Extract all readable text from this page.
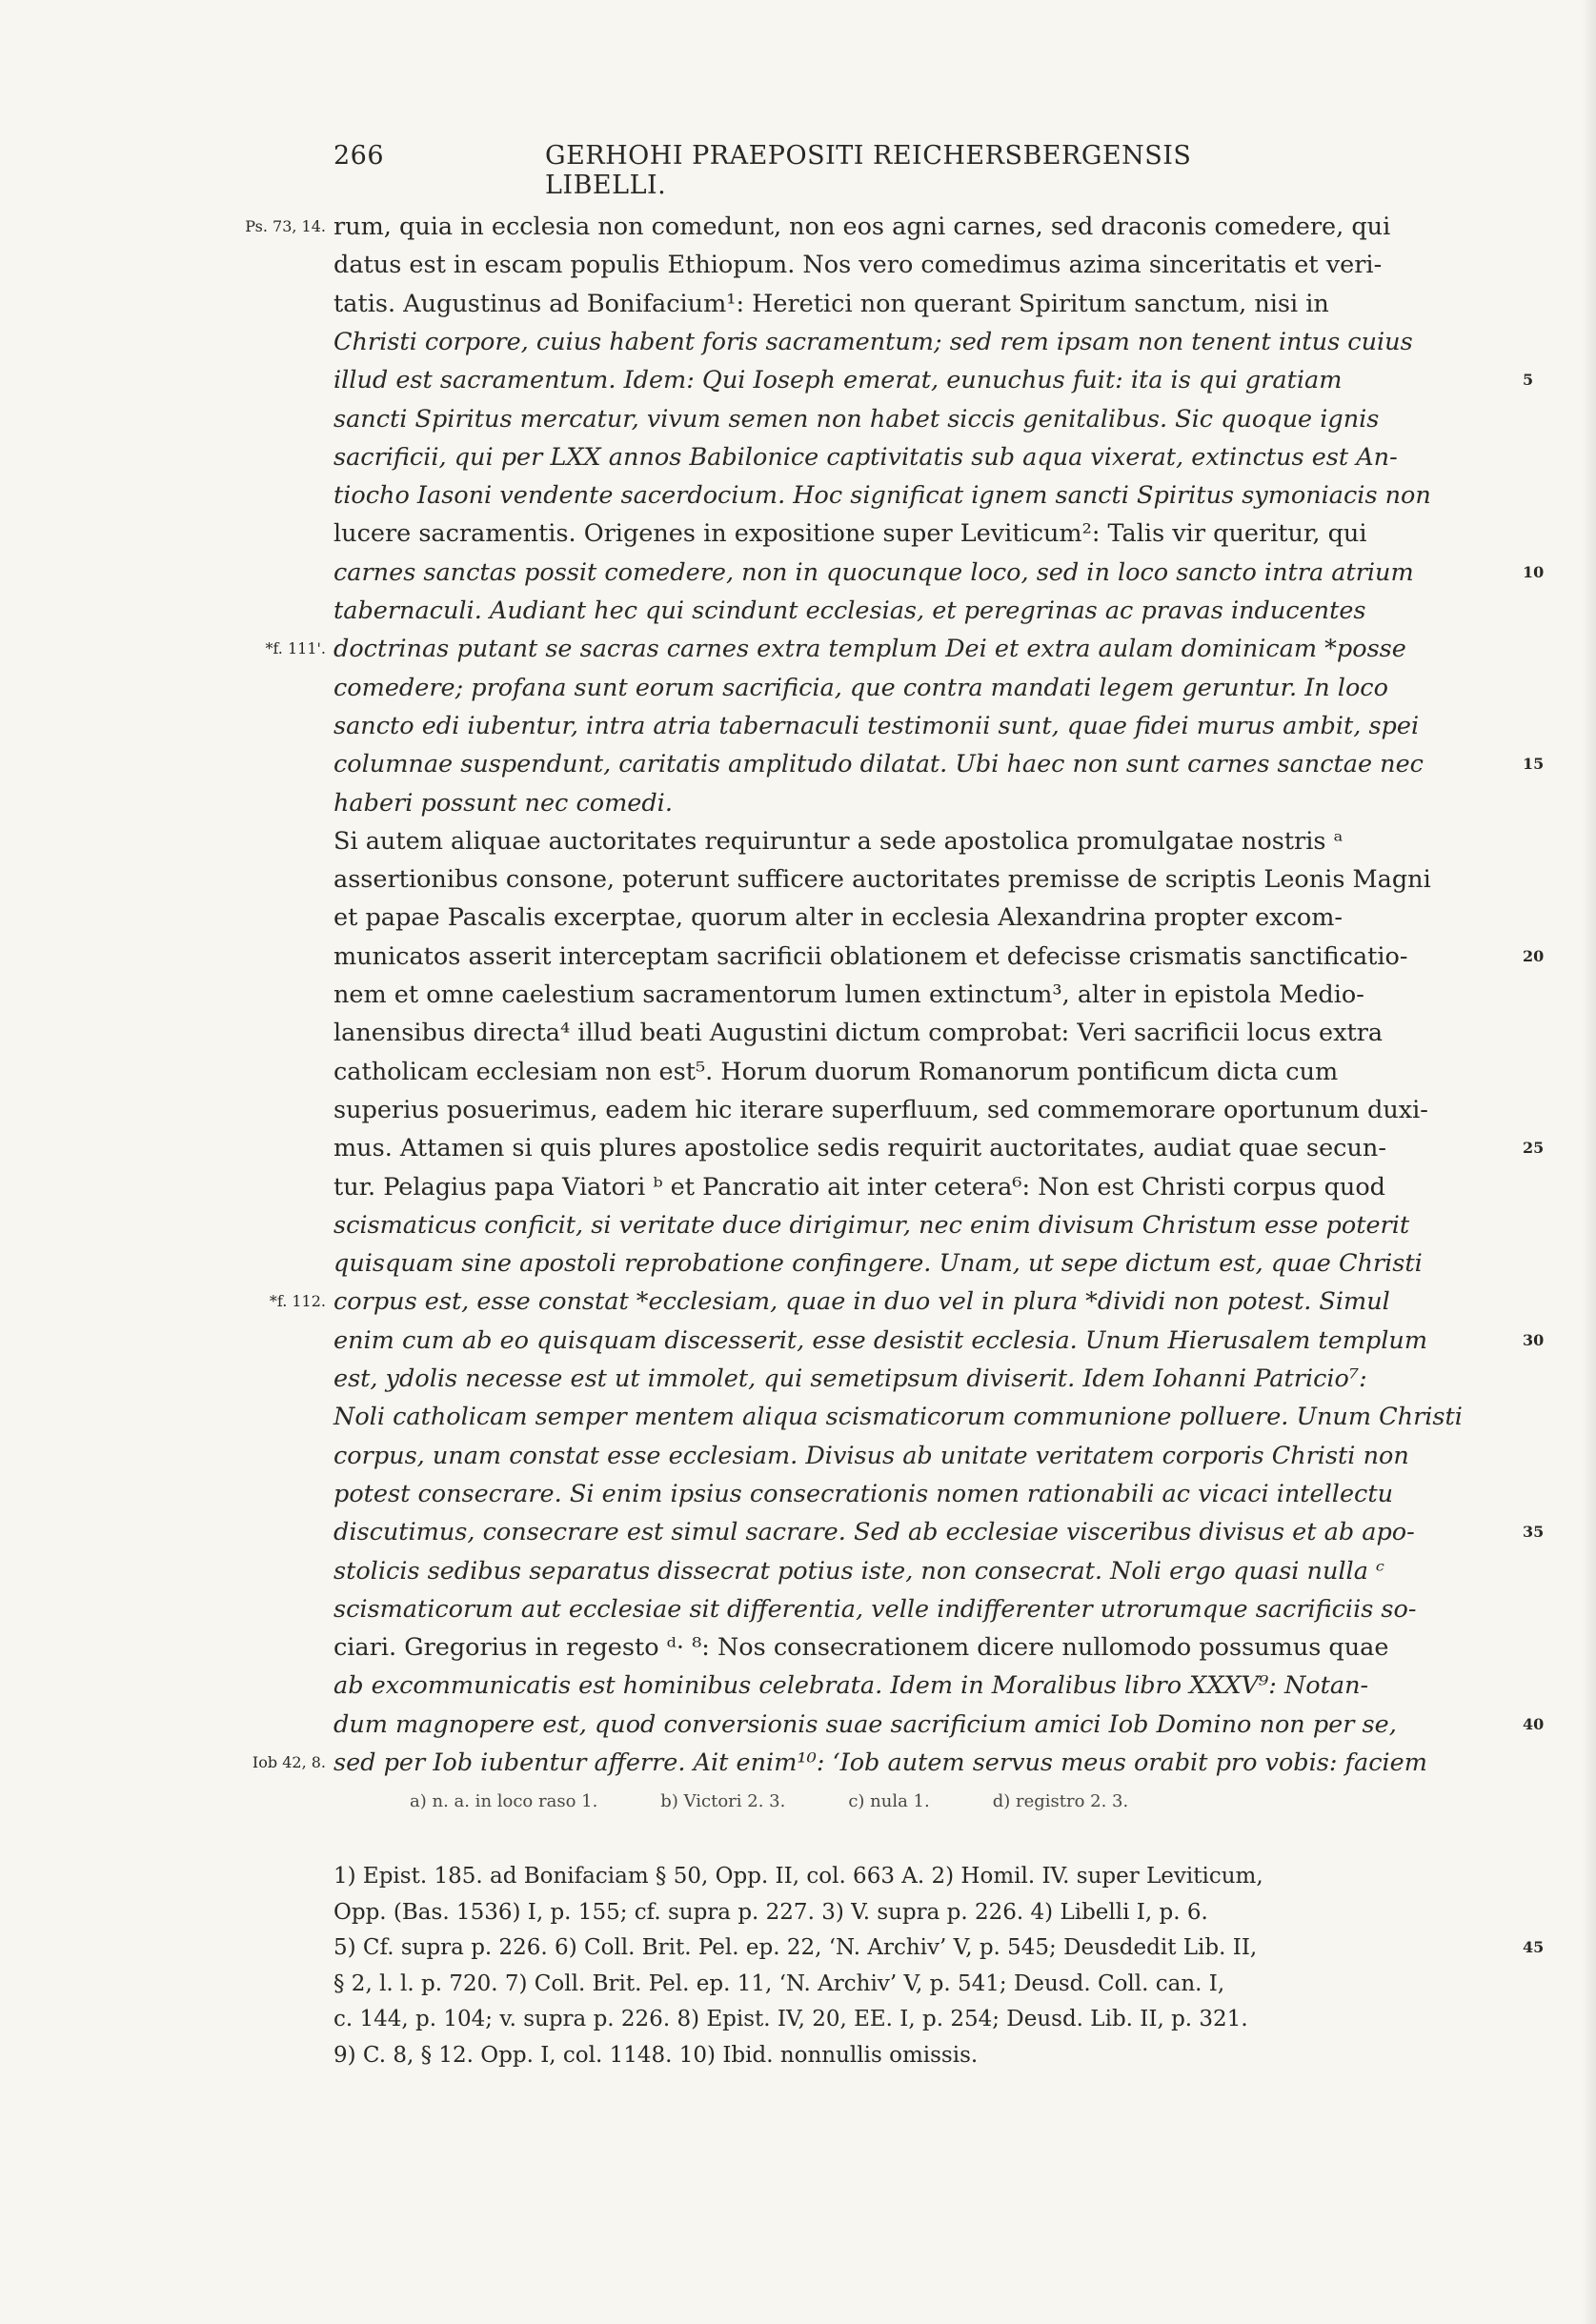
266	GERHOHI PRAEPOSITI REICHERSBERGENSIS LIBELLI.
rum, quia in ecclesia non comedunt, non eos agni carnes, sed draconis comedere, qui
Ps. 73, 14.
datus est in escam populis Ethiopum. Nos vero comedimus azima sinceritatis et veri-
tatis. Augustinus ad Bonifacium¹: Heretici non querant Spiritum sanctum, nisi in
Christi corpore, cuius habent foris sacramentum; sed rem ipsam non tenent intus cuius
illud est sacramentum. Idem: Qui Ioseph emerat, eunuchus fuit: ita is qui gratiam	5
sancti Spiritus mercatur, vivum semen non habet siccis genitalibus. Sic quoque ignis
sacrificii, qui per LXX annos Babilonice captivitatis sub aqua vixerat, extinctus est An-
tiocho Iasoni vendente sacerdocium. Hoc significat ignem sancti Spiritus symoniacis non
lucere sacramentis. Origenes in expositione super Leviticum²: Talis vir queritur, qui
carnes sanctas possit comedere, non in quocunque loco, sed in loco sancto intra atrium	10
tabernaculi. Audiant hec qui scindunt ecclesias, et peregrinas ac pravas inducentes
doctrinas putant se sacras carnes extra templum Dei et extra aulam dominicam *posse
*f. 111'.
comedere; profana sunt eorum sacrificia, que contra mandati legem geruntur. In loco
sancto edi iubentur, intra atria tabernaculi testimonii sunt, quae fidei murus ambit, spei
columnae suspendunt, caritatis amplitudo dilatat. Ubi haec non sunt carnes sanctae nec	15
haberi possunt nec comedi.
Si autem aliquae auctoritates requiruntur a sede apostolica promulgatae nostris ᵃ
assertionibus consone, poterunt sufficere auctoritates premisse de scriptis Leonis Magni
et papae Pascalis excerptae, quorum alter in ecclesia Alexandrina propter excom-
municatos asserit interceptam sacrificii oblationem et defecisse crismatis sanctificatio-	20
nem et omne caelestium sacramentorum lumen extinctum³, alter in epistola Medio-
lanensibus directa⁴ illud beati Augustini dictum comprobat: Veri sacrificii locus extra
catholicam ecclesiam non est⁵. Horum duorum Romanorum pontificum dicta cum
superius posuerimus, eadem hic iterare superfluum, sed commemorare oportunum duxi-
mus. Attamen si quis plures apostolice sedis requirit auctoritates, audiat quae secun-	25
tur. Pelagius papa Viatori ᵇ et Pancratio ait inter cetera⁶: Non est Christi corpus quod
scismaticus conficit, si veritate duce dirigimur, nec enim divisum Christum esse poterit
quisquam sine apostoli reprobatione confingere. Unam, ut sepe dictum est, quae Christi
corpus est, esse constat *ecclesiam, quae in duo vel in plura *dividi non potest. Simul
*f. 112.
enim cum ab eo quisquam discesserit, esse desistit ecclesia. Unum Hierusalem templum	30
est, ydolis necesse est ut immolet, qui semetipsum diviserit. Idem Iohanni Patricio⁷:
Noli catholicam semper mentem aliqua scismaticorum communione polluere. Unum Christi
corpus, unam constat esse ecclesiam. Divisus ab unitate veritatem corporis Christi non
potest consecrare. Si enim ipsius consecrationis nomen rationabili ac vicaci intellectu
discutimus, consecrare est simul sacrare. Sed ab ecclesiae visceribus divisus et ab apo-	35
stolicis sedibus separatus dissecrat potius iste, non consecrat. Noli ergo quasi nulla ᶜ
scismaticorum aut ecclesiae sit differentia, velle indifferenter utrorumque sacrificiis so-
ciari. Gregorius in regesto ᵈ· ⁸: Nos consecrationem dicere nullomodo possumus quae
ab excommunicatis est hominibus celebrata. Idem in Moralibus libro XXXV⁹: Notan-
dum magnopere est, quod conversionis suae sacrificium amici Iob Domino non per se,	40
sed per Iob iubentur afferre. Ait enim¹⁰: ‘Iob autem servus meus orabit pro vobis: faciem
Iob 42, 8.
a) n. a. in loco raso 1.	b) Victori 2. 3.	c) nula 1.	d) registro 2. 3.
1) Epist. 185. ad Bonifaciam § 50, Opp. II, col. 663 A. 2) Homil. IV. super Leviticum,
Opp. (Bas. 1536) I, p. 155; cf. supra p. 227. 3) V. supra p. 226. 4) Libelli I, p. 6.
5) Cf. supra p. 226. 6) Coll. Brit. Pel. ep. 22, ‘N. Archiv’ V, p. 545; Deusdedit Lib. II,	45
§ 2, l. l. p. 720. 7) Coll. Brit. Pel. ep. 11, ‘N. Archiv’ V, p. 541; Deusd. Coll. can. I,
c. 144, p. 104; v. supra p. 226. 8) Epist. IV, 20, EE. I, p. 254; Deusd. Lib. II, p. 321.
9) C. 8, § 12. Opp. I, col. 1148. 10) Ibid. nonnullis omissis.
